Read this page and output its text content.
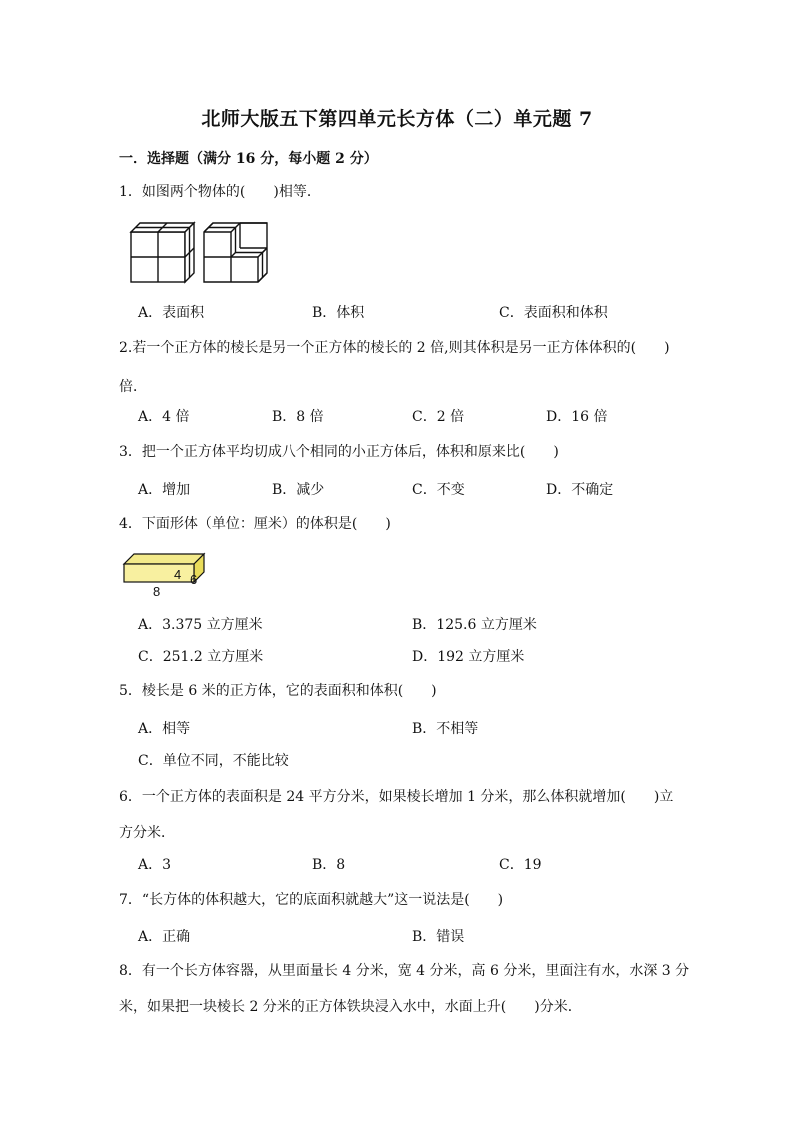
北师大版五下第四单元长方体（二）单元题 7
一．选择题（满分 16 分，每小题 2 分）
1．如图两个物体的(　　)相等．
A．表面积	B．体积	C．表面积和体积
2.若一个正方体的棱长是另一个正方体的棱长的 2 倍,则其体积是另一正方体体积的(　　)
倍．
A．4 倍	B．8 倍	C．2 倍	D．16 倍
3．把一个正方体平均切成八个相同的小正方体后，体积和原来比(　　)
A．增加	B．减少	C．不变	D．不确定
4．下面形体（单位：厘米）的体积是(　　)
4 6
8
A．3.375 立方厘米	B．125.6 立方厘米
C．251.2 立方厘米	D．192 立方厘米
5．棱长是 6 米的正方体，它的表面积和体积(　　)
A．相等	B．不相等
C．单位不同，不能比较
6．一个正方体的表面积是 24 平方分米，如果棱长增加 1 分米，那么体积就增加(　　)立
方分米．
A．3	B．8	C．19
7．“长方体的体积越大，它的底面积就越大”这一说法是(　　)
A．正确	B．错误
8．有一个长方体容器，从里面量长 4 分米，宽 4 分米，高 6 分米，里面注有水，水深 3 分
米，如果把一块棱长 2 分米的正方体铁块浸入水中，水面上升(　　)分米．
